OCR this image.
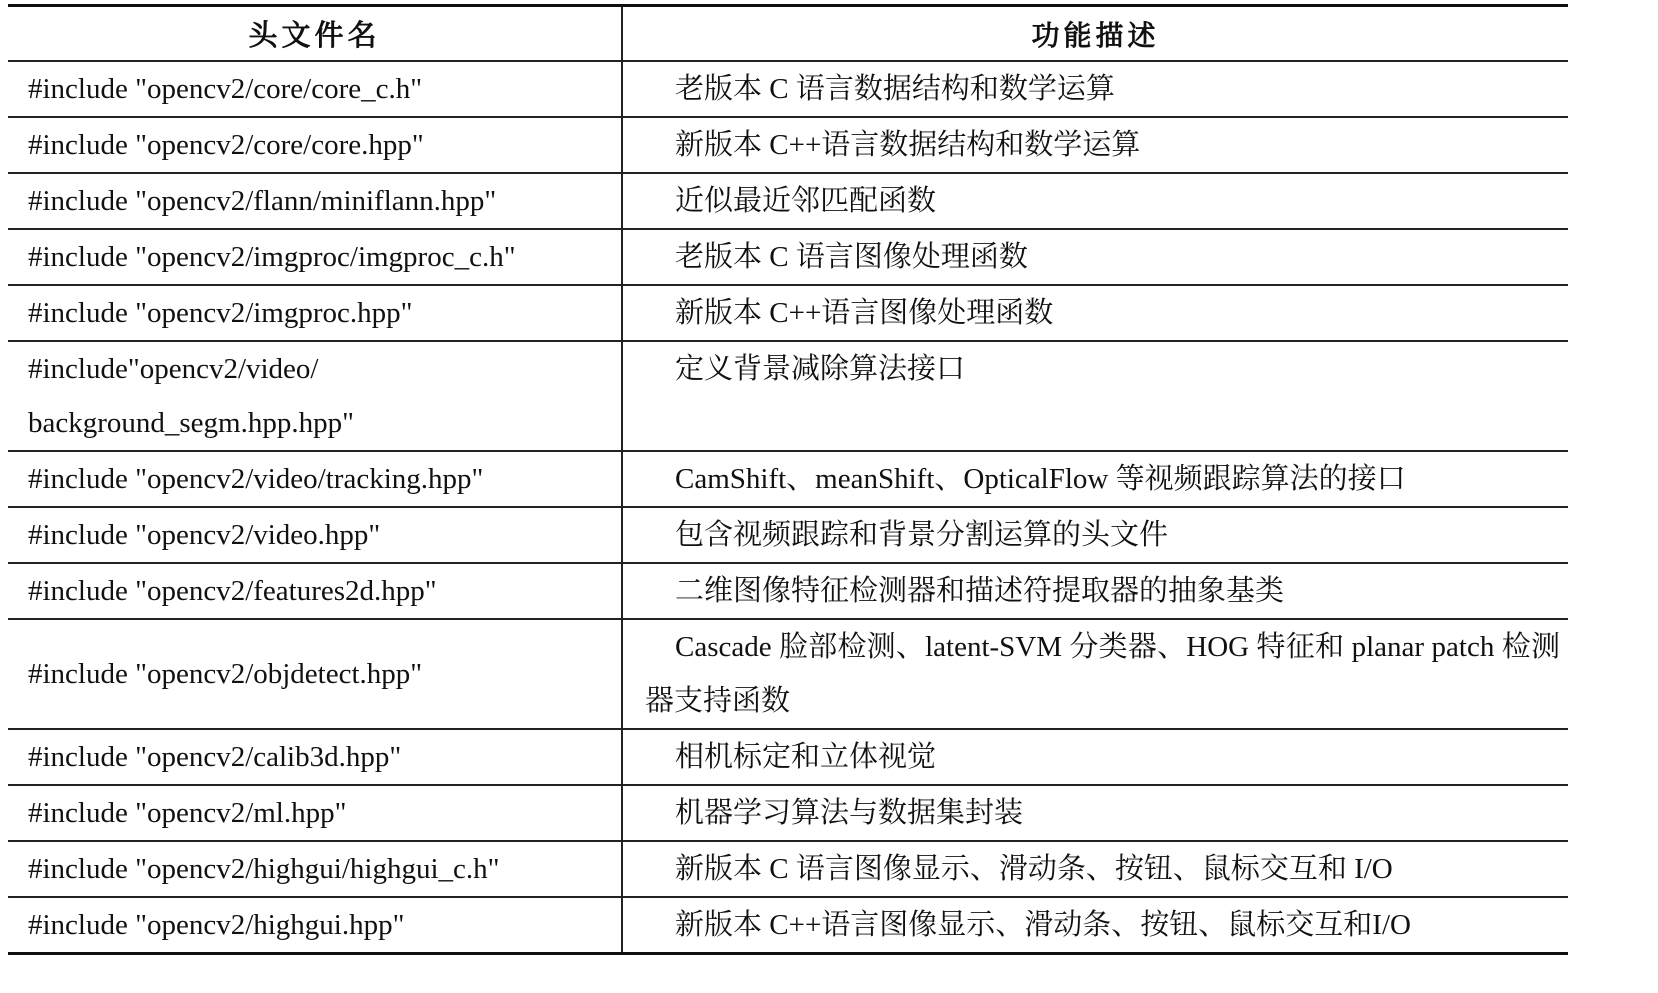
头文件名	功能描述
#include "opencv2/core/core_c.h"	老版本 C 语言数据结构和数学运算

#include "opencv2/core/core.hpp"	新版本 C++语言数据结构和数学运算

#include "opencv2/flann/miniflann.hpp"	近似最近邻匹配函数

#include "opencv2/imgproc/imgproc_c.h"	老版本 C 语言图像处理函数

#include "opencv2/imgproc.hpp"	新版本 C++语言图像处理函数

#include"opencv2/video/
background_segm.hpp.hpp"	定义背景减除算法接口

#include "opencv2/video/tracking.hpp"	CamShift、meanShift、OpticalFlow 等视频跟踪算法的接口

#include "opencv2/video.hpp"	包含视频跟踪和背景分割运算的头文件

#include "opencv2/features2d.hpp"	二维图像特征检测器和描述符提取器的抽象基类

#include "opencv2/objdetect.hpp"	Cascade 脸部检测、latent-SVM 分类器、HOG 特征和 planar patch 检测器支持函数

#include "opencv2/calib3d.hpp"	相机标定和立体视觉

#include "opencv2/ml.hpp"	机器学习算法与数据集封装

#include "opencv2/highgui/highgui_c.h"	新版本 C 语言图像显示、滑动条、按钮、鼠标交互和 I/O

#include "opencv2/highgui.hpp"	新版本 C++语言图像显示、滑动条、按钮、鼠标交互和I/O
